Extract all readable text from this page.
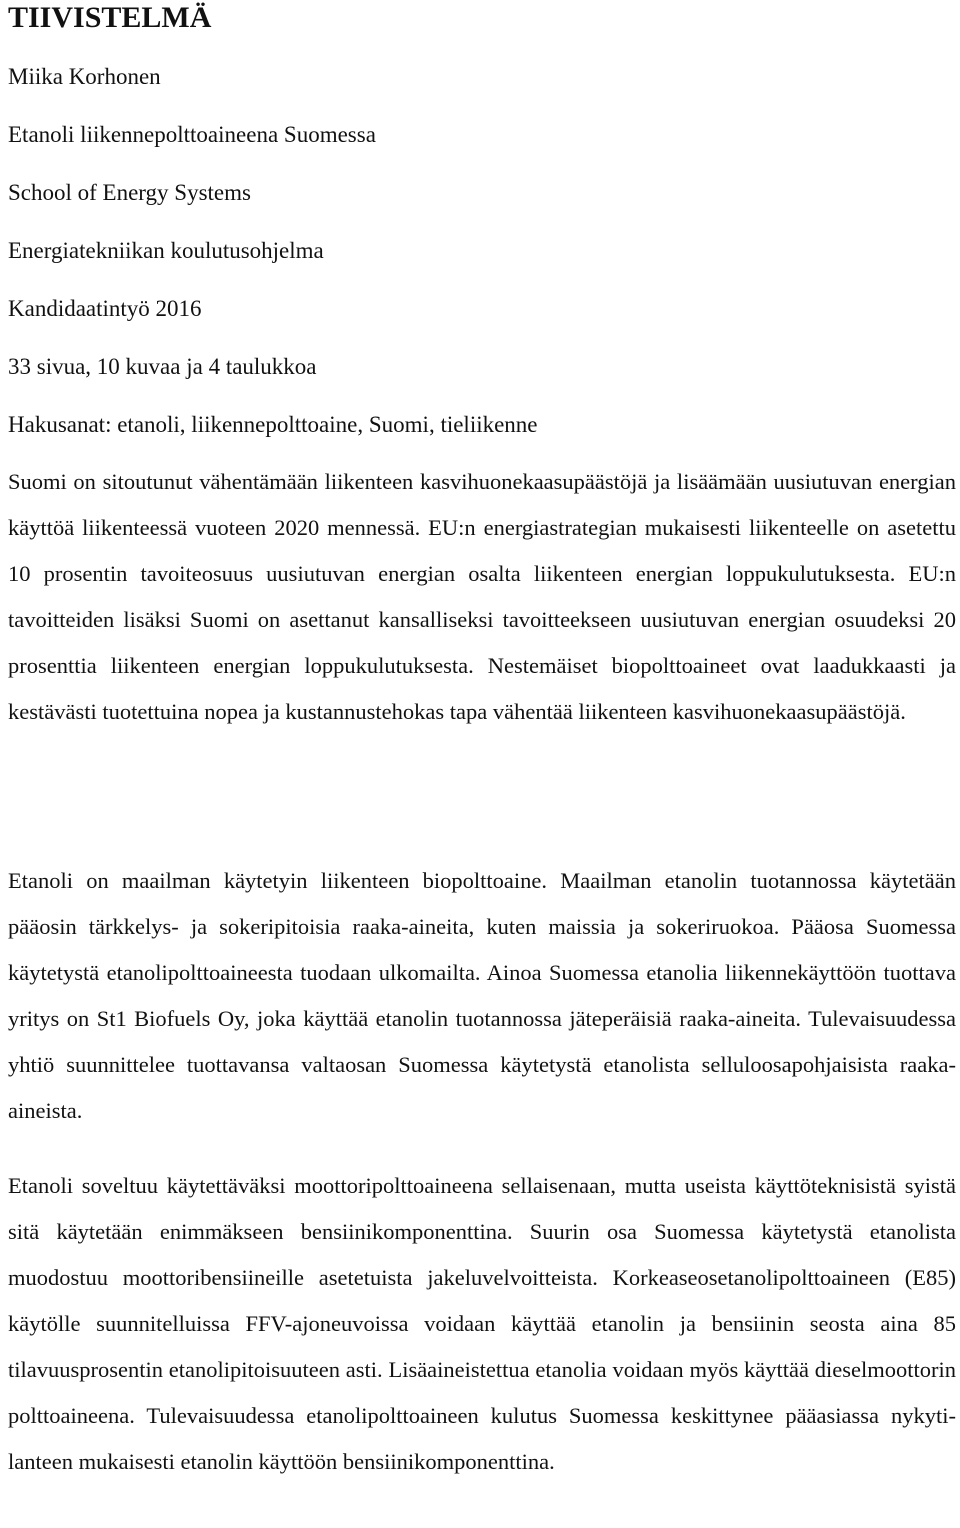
TIIVISTELMÄ

Miika Korhonen

Etanoli liikennepolttoaineena Suomessa

School of Energy Systems

Energiatekniikan koulutusohjelma

Kandidaatintyö 2016

33 sivua, 10 kuvaa ja 4 taulukkoa

Hakusanat: etanoli, liikennepolttoaine, Suomi, tieliikenne

Suomi on sitoutunut vähentämään liikenteen kasvihuonekaasupäästöjä ja lisäämään uusiutuvan energian käyttöä liikenteessä vuoteen 2020 mennessä. EU:n energiastrategian mukaisesti liikenteelle on asetettu 10 prosentin tavoiteosuus uusiutuvan energian osalta liikenteen energian loppukulutuksesta. EU:n tavoitteiden lisäksi Suomi on asettanut kansalliseksi tavoitteekseen uusiutuvan energian osuudeksi 20 prosenttia liikenteen energian loppukulutuksesta. Nestemäiset biopolttoaineet ovat laadukkaasti ja kestävästi tuotettuina nopea ja kustannustehokas tapa vähentää liikenteen kasvihuonekaasupäästöjä.

Etanoli on maailman käytetyin liikenteen biopolttoaine. Maailman etanolin tuotannossa käytetään pääosin tärkkelys- ja sokeripitoisia raaka-aineita, kuten maissia ja sokeriruokoa. Pääosa Suomessa käytetystä etanolipolttoaineesta tuodaan ulkomailta. Ainoa Suomessa etanolia liikennekäyttöön tuottava yritys on St1 Biofuels Oy, joka käyttää etanolin tuotannossa jäteperäisiä raaka-aineita. Tulevaisuudessa yhtiö suunnittelee tuottavansa valtaosan Suomessa käytetystä etanolista selluloosapohjaisista raaka-aineista.

Etanoli soveltuu käytettäväksi moottoripolttoaineena sellaisenaan, mutta useista käyttöteknisistä syistä sitä käytetään enimmäkseen bensiinikomponenttina. Suurin osa Suomessa käytetystä etanolista muodostuu moottoribensiineille asetetuista jakeluvelvoitteista. Korkeaseosetanolipolttoaineen (E85) käytölle suunnitelluissa FFV-ajoneuvoissa voidaan käyttää etanolin ja bensiinin seosta aina 85 tilavuusprosentin etanolipitoisuuteen asti. Lisäaineistettua etanolia voidaan myös käyttää dieselmoottorin polttoaineena. Tulevaisuudessa etanolipolttoaineen kulutus Suomessa keskittynee pääasiassa nykytilanteen mukaisesti etanolin käyttöön bensiinikomponenttina.
